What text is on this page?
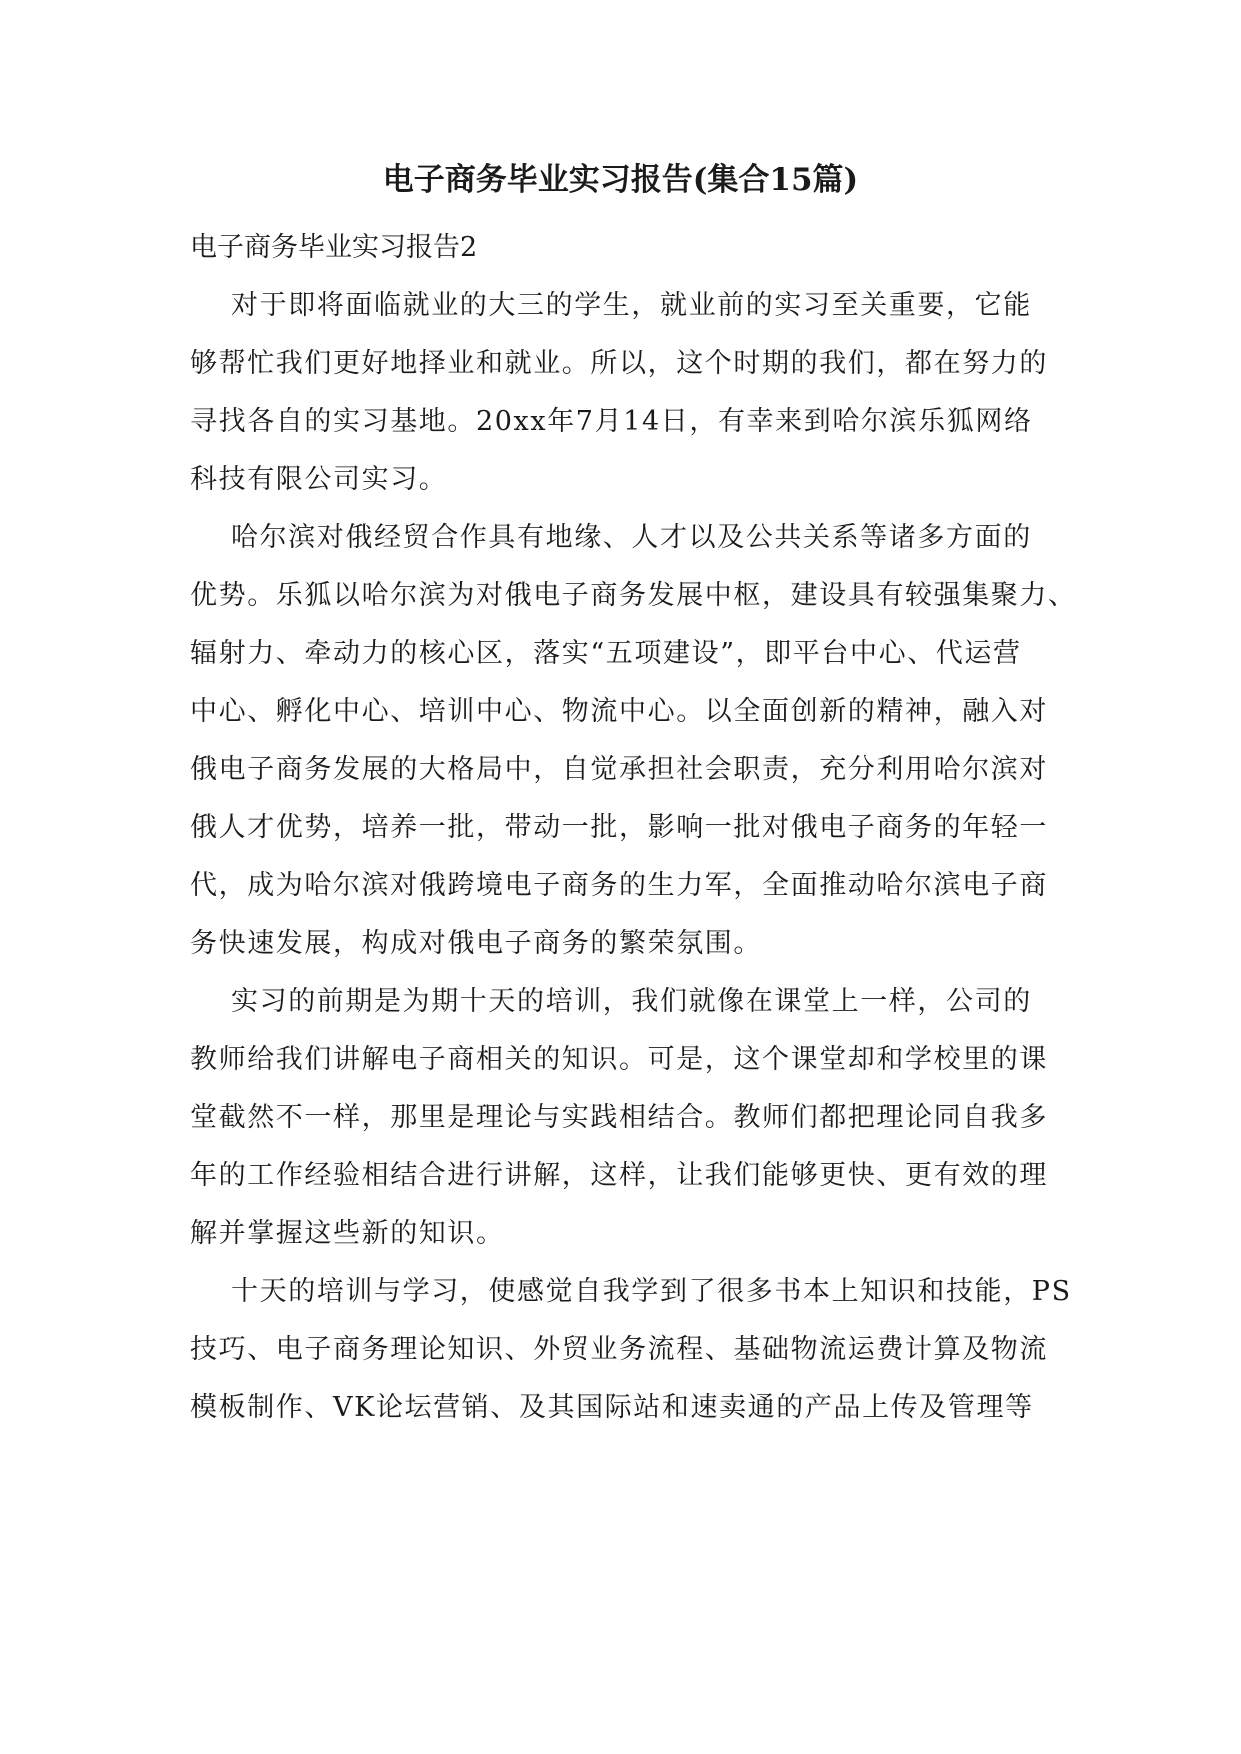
电子商务毕业实习报告(集合15篇)
电子商务毕业实习报告2
对于即将面临就业的大三的学生，就业前的实习至关重要，它能
够帮忙我们更好地择业和就业。所以，这个时期的我们，都在努力的
寻找各自的实习基地。20xx年7月14日，有幸来到哈尔滨乐狐网络
科技有限公司实习。
哈尔滨对俄经贸合作具有地缘、人才以及公共关系等诸多方面的
优势。乐狐以哈尔滨为对俄电子商务发展中枢，建设具有较强集聚力、
辐射力、牵动力的核心区，落实“五项建设”，即平台中心、代运营
中心、孵化中心、培训中心、物流中心。以全面创新的精神，融入对
俄电子商务发展的大格局中，自觉承担社会职责，充分利用哈尔滨对
俄人才优势，培养一批，带动一批，影响一批对俄电子商务的年轻一
代，成为哈尔滨对俄跨境电子商务的生力军，全面推动哈尔滨电子商
务快速发展，构成对俄电子商务的繁荣氛围。
实习的前期是为期十天的培训，我们就像在课堂上一样，公司的
教师给我们讲解电子商相关的知识。可是，这个课堂却和学校里的课
堂截然不一样，那里是理论与实践相结合。教师们都把理论同自我多
年的工作经验相结合进行讲解，这样，让我们能够更快、更有效的理
解并掌握这些新的知识。
十天的培训与学习，使感觉自我学到了很多书本上知识和技能，PS
技巧、电子商务理论知识、外贸业务流程、基础物流运费计算及物流
模板制作、VK论坛营销、及其国际站和速卖通的产品上传及管理等
